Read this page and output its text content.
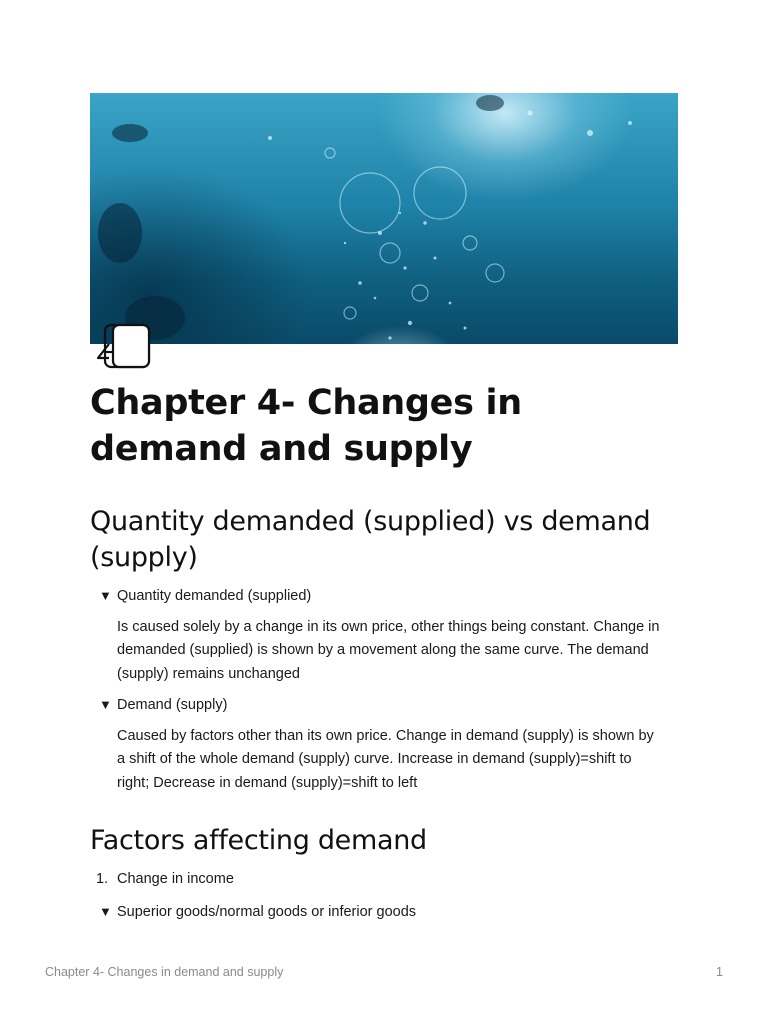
Chapter 4- Changes in demand and supply
Quantity demanded (supplied) vs demand (supply)
▼ Quantity demanded (supplied)

Is caused solely by a change in its own price, other things being constant. Change in demanded (supplied) is shown by a movement along the same curve. The demand (supply) remains unchanged

▼ Demand (supply)

Caused by factors other than its own price. Change in demand (supply) is shown by a shift of the whole demand (supply) curve. Increase in demand (supply)=shift to right; Decrease in demand (supply)=shift to left

Factors affecting demand
1. Change in income
▼ Superior goods/normal goods or inferior goods
Chapter 4- Changes in demand and supply	1
